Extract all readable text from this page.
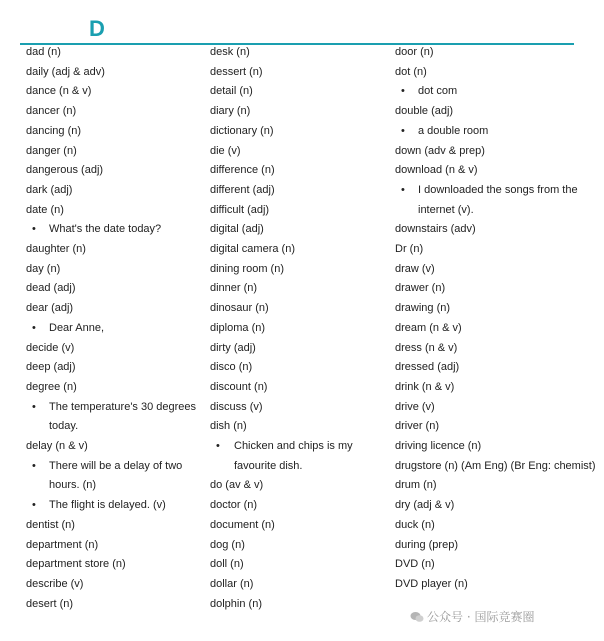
D
dad (n)
daily (adj & adv)
dance (n & v)
dancer (n)
dancing (n)
danger (n)
dangerous (adj)
dark (adj)
date (n)
• What's the date today?
daughter (n)
day (n)
dead (adj)
dear (adj)
• Dear Anne,
decide (v)
deep (adj)
degree (n)
• The temperature's 30 degrees today.
delay (n & v)
• There will be a delay of two hours. (n)
• The flight is delayed. (v)
dentist (n)
department (n)
department store (n)
describe (v)
desert (n)
desk (n)
dessert (n)
detail (n)
diary (n)
dictionary (n)
die (v)
difference (n)
different (adj)
difficult (adj)
digital (adj)
digital camera (n)
dining room (n)
dinner (n)
dinosaur (n)
diploma (n)
dirty (adj)
disco (n)
discount (n)
discuss (v)
dish (n)
• Chicken and chips is my favourite dish.
do (av & v)
doctor (n)
document (n)
dog (n)
doll (n)
dollar (n)
dolphin (n)
door (n)
dot (n)
• dot com
double (adj)
• a double room
down (adv & prep)
download (n & v)
• I downloaded the songs from the internet (v).
downstairs (adv)
Dr (n)
draw (v)
drawer (n)
drawing (n)
dream (n & v)
dress (n & v)
dressed (adj)
drink (n & v)
drive (v)
driver (n)
driving licence (n)
drugstore (n) (Am Eng) (Br Eng: chemist)
drum (n)
dry (adj & v)
duck (n)
during (prep)
DVD (n)
DVD player (n)
公众号 · 国际竞赛圈
